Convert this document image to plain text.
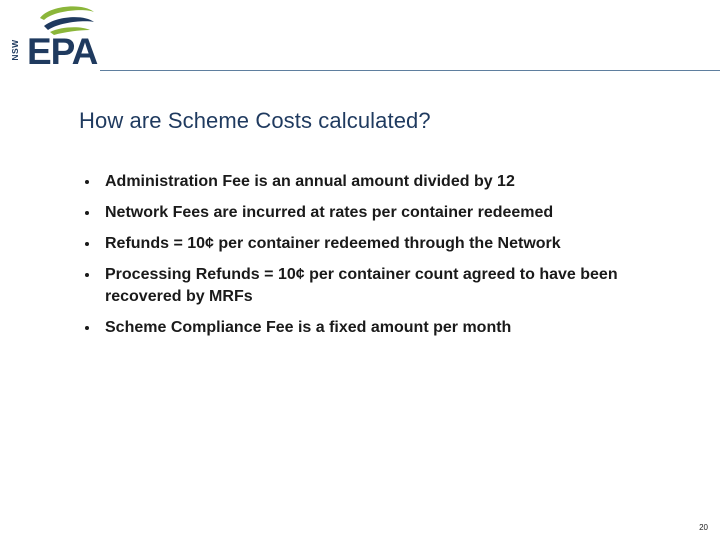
NSW EPA
How are Scheme Costs calculated?
Administration Fee is an annual amount divided by 12
Network Fees are incurred at rates per container redeemed
Refunds = 10¢ per container redeemed through the Network
Processing Refunds = 10¢ per container count agreed to have been recovered by MRFs
Scheme Compliance Fee is a fixed amount per month
20
